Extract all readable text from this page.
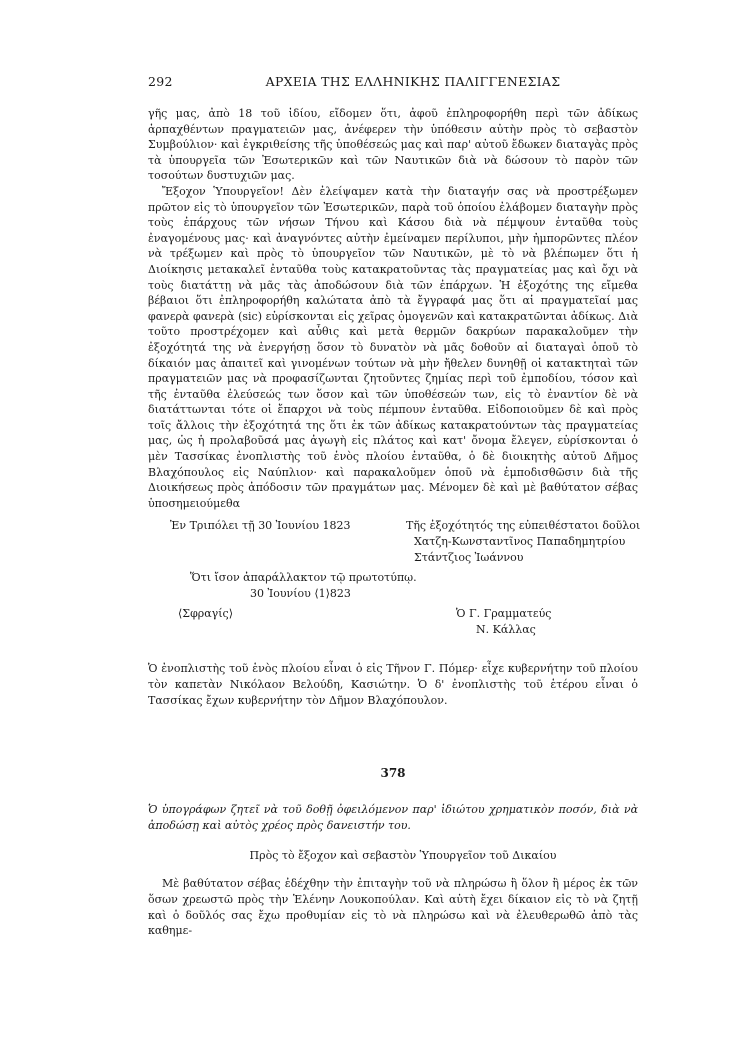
292	ΑΡΧΕΙΑ ΤΗΣ ΕΛΛΗΝΙΚΗΣ ΠΑΛΙΓΓΕΝΕΣΙΑΣ

γῆς μας, ἀπὸ 18 τοῦ ἰδίου, εἴδομεν ὅτι, ἀφοῦ ἐπληροφορήθη περὶ τῶν ἀδίκως ἁρπαχθέντων πραγματειῶν μας, ἀνέφερεν τὴν ὑπόθεσιν αὐτὴν πρὸς τὸ σεβαστὸν Συμβούλιον· καὶ ἐγκριθείσης τῆς ὑποθέσεώς μας καὶ παρ' αὐτοῦ ἔδωκεν διαταγὰς πρὸς τὰ ὑπουργεῖα τῶν Ἐσωτερικῶν καὶ τῶν Ναυτικῶν διὰ νὰ δώσουν τὸ παρὸν τῶν τοσούτων δυστυχιῶν μας.

Ἔξοχον Ὑπουργεῖον! Δὲν ἐλείψαμεν κατὰ τὴν διαταγήν σας νὰ προστρέξωμεν πρῶτον εἰς τὸ ὑπουργεῖον τῶν Ἐσωτερικῶν, παρὰ τοῦ ὁποίου ἐλάβομεν διαταγὴν πρὸς τοὺς ἐπάρχους τῶν νήσων Τήνου καὶ Κάσου διὰ νὰ πέμψουν ἐνταῦθα τοὺς ἐναγομένους μας· καὶ ἀναγνόντες αὐτὴν ἐμείναμεν περίλυποι, μὴν ἠμπορῶντες πλέον νὰ τρέξωμεν καὶ πρὸς τὸ ὑπουργεῖον τῶν Ναυτικῶν, μὲ τὸ νὰ βλέπωμεν ὅτι ἡ Διοίκησις μετακαλεῖ ἐνταῦθα τοὺς κατακρατοῦντας τὰς πραγματείας μας καὶ ὄχι νὰ τοὺς διατάττῃ νὰ μᾶς τὰς ἀποδώσουν διὰ τῶν ἐπάρχων. Ἡ ἐξοχότης της εἴμεθα βέβαιοι ὅτι ἐπληροφορήθη καλώτατα ἀπὸ τὰ ἔγγραφά μας ὅτι αἱ πραγματεῖαί μας φανερὰ φανερὰ (sic) εὑρίσκονται εἰς χεῖρας ὁμογενῶν καὶ κατακρατῶνται ἀδίκως. Διὰ τοῦτο προστρέχομεν καὶ αὖθις καὶ μετὰ θερμῶν δακρύων παρακαλοῦμεν τὴν ἐξοχότητά της νὰ ἐνεργήσῃ ὅσον τὸ δυνατὸν νὰ μᾶς δοθοῦν αἱ διαταγαὶ ὁποῦ τὸ δίκαιόν μας ἀπαιτεῖ καὶ γινομένων τούτων νὰ μὴν ἤθελεν δυνηθῇ οἱ κατακτηταὶ τῶν πραγματειῶν μας νὰ προφασίζωνται ζητοῦντες ζημίας περὶ τοῦ ἐμποδίου, τόσον καὶ τῆς ἐνταῦθα ἐλεύσεώς των ὅσον καὶ τῶν ὑποθέσεών των, εἰς τὸ ἐναντίον δὲ νὰ διατάττωνται τότε οἱ ἔπαρχοι νὰ τοὺς πέμπουν ἐνταῦθα. Εἰδοποιοῦμεν δὲ καὶ πρὸς τοῖς ἄλλοις τὴν ἐξοχότητά της ὅτι ἐκ τῶν ἀδίκως κατακρατούντων τὰς πραγματείας μας, ὡς ἡ προλαβοῦσά μας ἀγωγὴ εἰς πλάτος καὶ κατ' ὄνομα ἔλεγεν, εὑρίσκονται ὁ μὲν Τασσίκας ἐνοπλιστὴς τοῦ ἑνὸς πλοίου ἐνταῦθα, ὁ δὲ διοικητὴς αὐτοῦ Δῆμος Βλαχόπουλος εἰς Ναύπλιον· καὶ παρακαλοῦμεν ὁποῦ νὰ ἐμποδισθῶσιν διὰ τῆς Διοικήσεως πρὸς ἀπόδοσιν τῶν πραγμάτων μας. Μένομεν δὲ καὶ μὲ βαθύτατον σέβας ὑποσημειούμεθα

Ἐν Τριπόλει τῇ 30 Ἰουνίου 1823	Τῆς ἐξοχότητός της εὐπειθέστατοι δοῦλοι
Χατζη-Κωνσταντῖνος Παπαδημητρίου
Στάντζιος Ἰωάννου
Ὅτι ἴσον ἀπαράλλακτον τῷ πρωτοτύπῳ.
30 Ἰουνίου ⟨1⟩823
⟨Σφραγίς⟩	Ὁ Γ. Γραμματεύς
Ν. Κάλλας
Ὁ ἐνοπλιστὴς τοῦ ἑνὸς πλοίου εἶναι ὁ εἰς Τῆνον Γ. Πόμερ· εἶχε κυβερνήτην τοῦ πλοίου τὸν καπετὰν Νικόλαον Βελούδη, Κασιώτην. Ὁ δ' ἐνοπλιστὴς τοῦ ἑτέρου εἶναι ὁ Τασσίκας ἔχων κυβερνήτην τὸν Δῆμον Βλαχόπουλον.
378
Ὁ ὑπογράφων ζητεῖ νὰ τοῦ δοθῇ ὀφειλόμενον παρ' ἰδιώτου χρηματικὸν ποσόν, διὰ νὰ ἀποδώσῃ καὶ αὐτὸς χρέος πρὸς δανειστήν του.
Πρὸς τὸ ἔξοχον καὶ σεβαστὸν Ὑπουργεῖον τοῦ Δικαίου
Μὲ βαθύτατον σέβας ἐδέχθην τὴν ἐπιταγὴν τοῦ νὰ πληρώσω ἢ ὅλον ἢ μέρος ἐκ τῶν ὅσων χρεωστῶ πρὸς τὴν Ἑλένην Λουκοπούλαν. Καὶ αὐτὴ ἔχει δίκαιον εἰς τὸ νὰ ζητῇ καὶ ὁ δοῦλός σας ἔχω προθυμίαν εἰς τὸ νὰ πληρώσω καὶ νὰ ἐλευθερωθῶ ἀπὸ τὰς καθημε-
